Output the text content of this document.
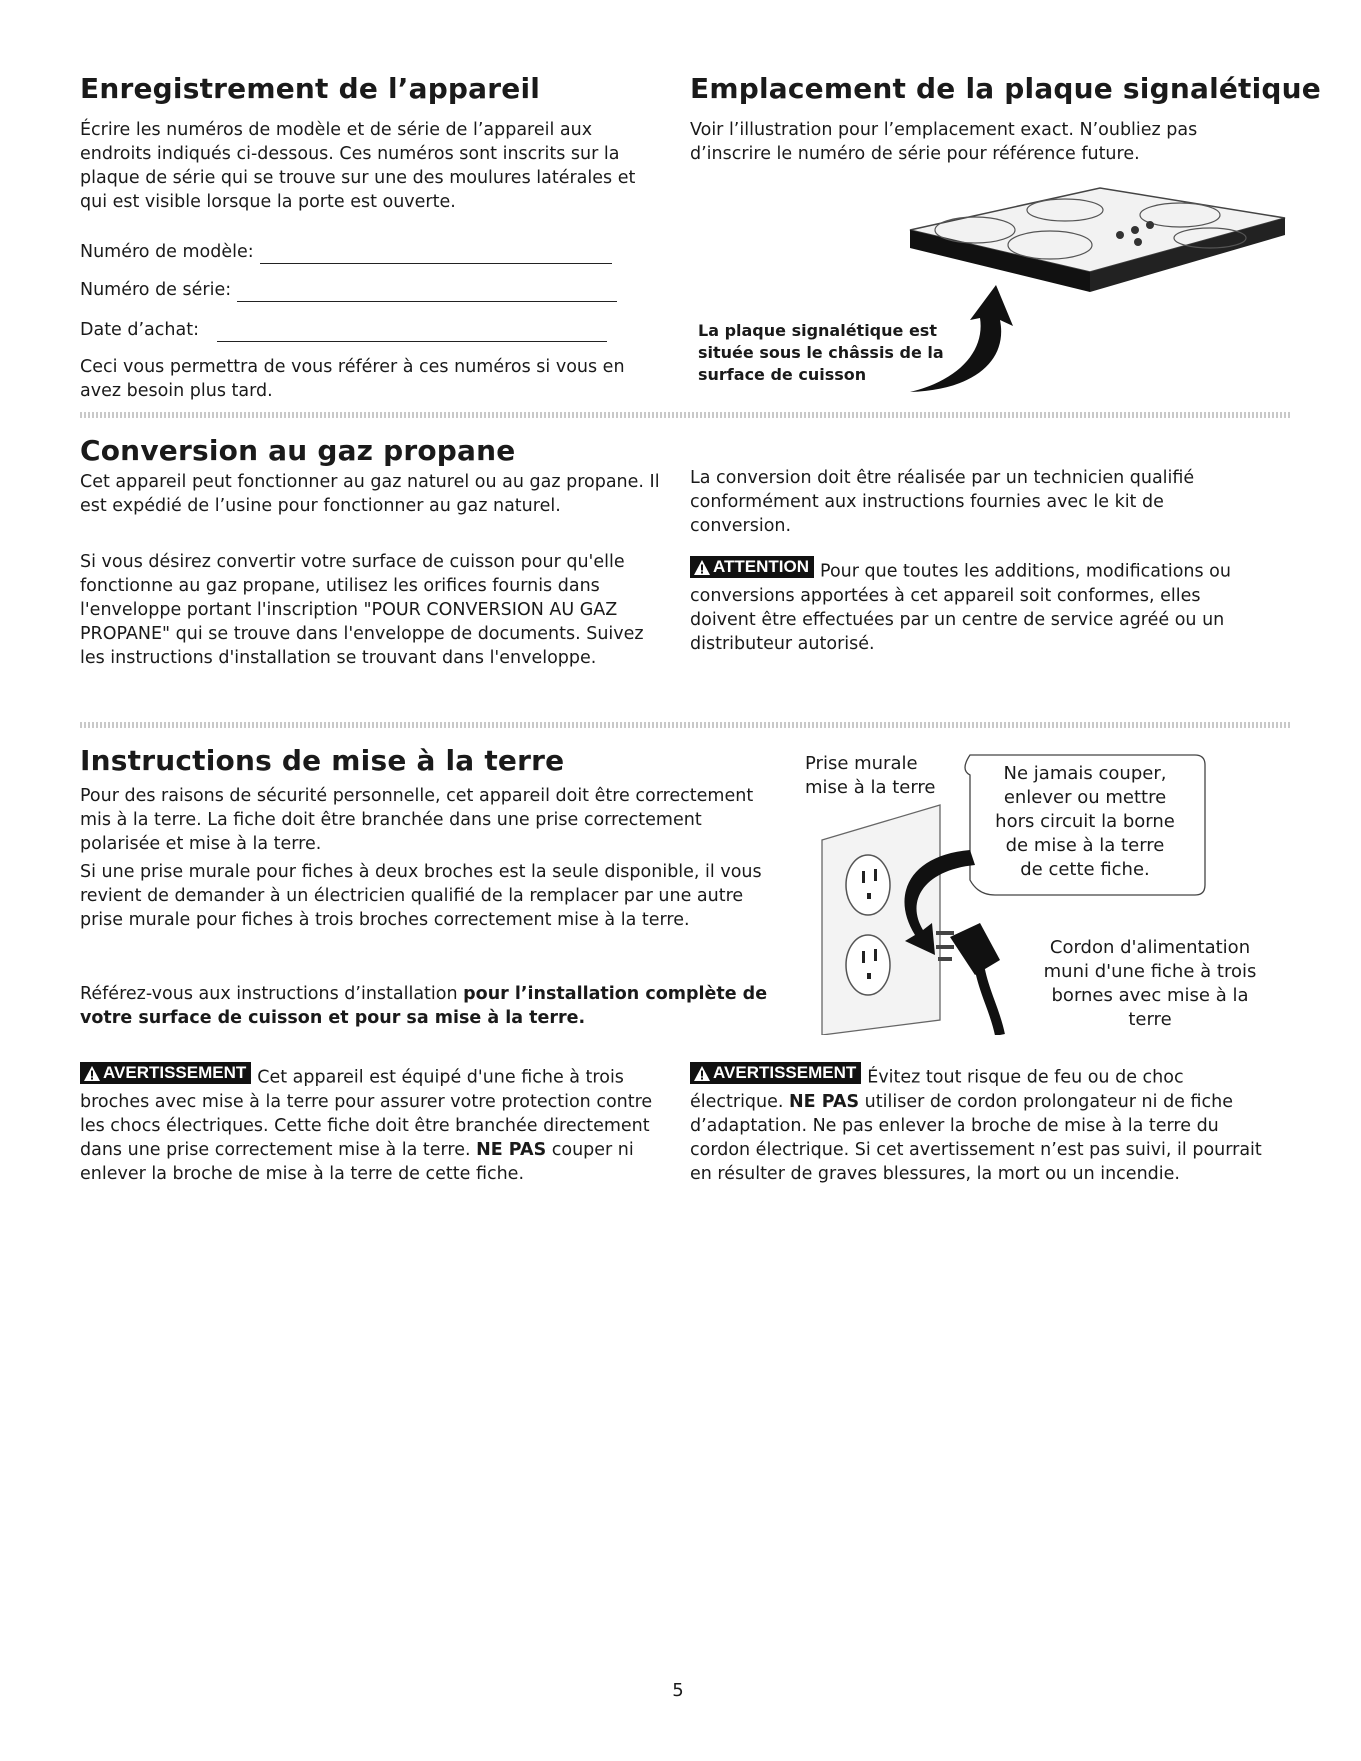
Enregistrement de l’appareil

Écrire les numéros de modèle et de série de l’appareil aux endroits indiqués ci-dessous. Ces numéros sont inscrits sur la plaque de série qui se trouve sur une des moulures latérales et qui est visible lorsque la porte est ouverte.

Numéro de modèle:
Numéro de série:
Date d’achat:

Ceci vous permettra de vous référer à ces numéros si vous en avez besoin plus tard.

Emplacement de la plaque signalétique

Voir l’illustration pour l’emplacement exact. N’oubliez pas d’inscrire le numéro de série pour référence future.

La plaque signalétique est
située sous le châssis de la
surface de cuisson
Conversion au gaz propane

Cet appareil peut fonctionner au gaz naturel ou au gaz propane. Il est expédié de l’usine pour fonctionner au gaz naturel.

Si vous désirez convertir votre surface de cuisson pour qu'elle fonctionne au gaz propane, utilisez les orifices fournis dans l'enveloppe portant l'inscription "POUR CONVERSION AU GAZ PROPANE" qui se trouve dans l'enveloppe de documents. Suivez les instructions d'installation se trouvant dans l'enveloppe.

La conversion doit être réalisée par un technicien qualifié conformément aux instructions fournies avec le kit de conversion.

ATTENTION Pour que toutes les additions, modifications ou conversions apportées à cet appareil soit conformes, elles doivent être effectuées par un centre de service agréé ou un distributeur autorisé.

Instructions de mise à la terre

Pour des raisons de sécurité personnelle, cet appareil doit être correctement mis à la terre. La fiche doit être branchée dans une prise correctement polarisée et mise à la terre.

Si une prise murale pour fiches à deux broches est la seule disponible, il vous revient de demander à un électricien qualifié de la remplacer par une autre prise murale pour fiches à trois broches correctement mise à la terre.

Référez-vous aux instructions d’installation pour l’installation complète de votre surface de cuisson et pour sa mise à la terre.

Prise murale
mise à la terre
Ne jamais couper,
enlever ou mettre
hors circuit la borne
de mise à la terre
de cette fiche.
Cordon d'alimentation
muni d'une fiche à trois
bornes avec mise à la
terre

AVERTISSEMENT Cet appareil est équipé d'une fiche à trois broches avec mise à la terre pour assurer votre protection contre les chocs électriques. Cette fiche doit être branchée directement dans une prise correctement mise à la terre. NE PAS couper ni enlever la broche de mise à la terre de cette fiche.

AVERTISSEMENT Évitez tout risque de feu ou de choc électrique. NE PAS utiliser de cordon prolongateur ni de fiche d’adaptation. Ne pas enlever la broche de mise à la terre du cordon électrique. Si cet avertissement n’est pas suivi, il pourrait en résulter de graves blessures, la mort ou un incendie.

5
